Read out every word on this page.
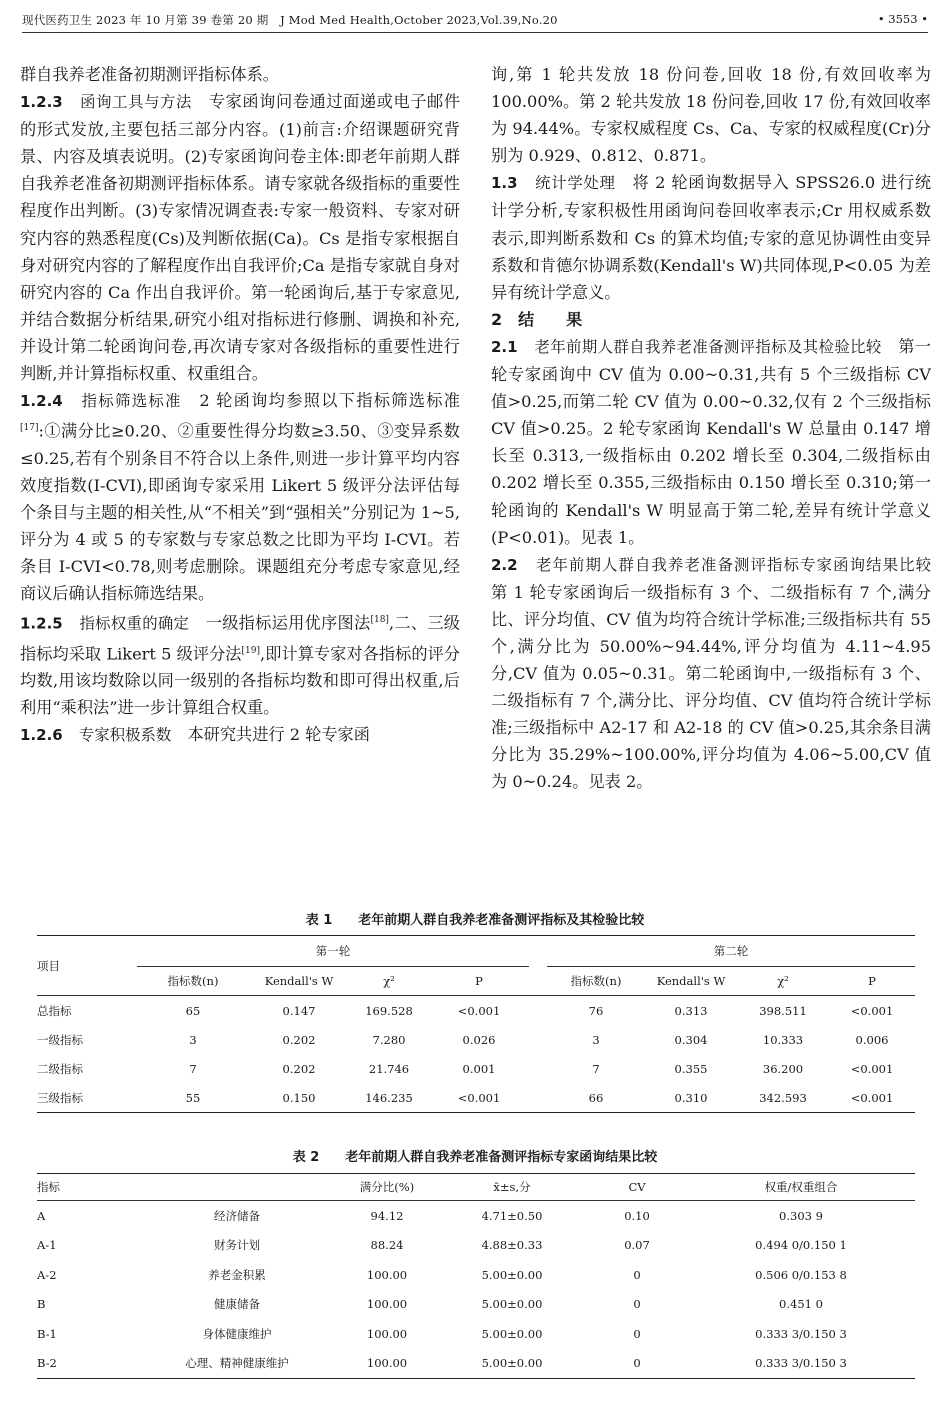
现代医药卫生 2023 年 10 月第 39 卷第 20 期　J Mod Med Health,October 2023,Vol.39,No.20	• 3553 •

群自我养老准备初期测评指标体系。

1.2.3　 函询工具与方法　 专家函询问卷通过面递或电子邮件的形式发放,主要包括三部分内容。(1)前言:介绍课题研究背景、内容及填表说明。(2)专家函询问卷主体:即老年前期人群自我养老准备初期测评指标体系。请专家就各级指标的重要性程度作出判断。(3)专家情况调查表:专家一般资料、专家对研究内容的熟悉程度(Cs)及判断依据(Ca)。Cs 是指专家根据自身对研究内容的了解程度作出自我评价;Ca 是指专家就自身对研究内容的 Ca 作出自我评价。第一轮函询后,基于专家意见,并结合数据分析结果,研究小组对指标进行修删、调换和补充,并设计第二轮函询问卷,再次请专家对各级指标的重要性进行判断,并计算指标权重、权重组合。

1.2.4　 指标筛选标准　 2 轮函询均参照以下指标筛选标准[17]:①满分比≥0.20、②重要性得分均数≥3.50、③变异系数≤0.25,若有个别条目不符合以上条件,则进一步计算平均内容效度指数(I-CVI),即函询专家采用 Likert 5 级评分法评估每个条目与主题的相关性,从“不相关”到“强相关”分别记为 1~5,评分为 4 或 5 的专家数与专家总数之比即为平均 I-CVI。若条目 I-CVI<0.78,则考虑删除。课题组充分考虑专家意见,经商议后确认指标筛选结果。

1.2.5　 指标权重的确定　 一级指标运用优序图法[18],二、三级指标均采取 Likert 5 级评分法[19],即计算专家对各指标的评分均数,用该均数除以同一级别的各指标均数和即可得出权重,后利用“乘积法”进一步计算组合权重。

1.2.6　 专家积极系数　 本研究共进行 2 轮专家函

询,第 1 轮共发放 18 份问卷,回收 18 份,有效回收率为 100.00%。第 2 轮共发放 18 份问卷,回收 17 份,有效回收率为 94.44%。专家权威程度 Cs、Ca、专家的权威程度(Cr)分别为 0.929、0.812、0.871。

1.3　 统计学处理　 将 2 轮函询数据导入 SPSS26.0 进行统计学分析,专家积极性用函询问卷回收率表示;Cr 用权威系数表示,即判断系数和 Cs 的算术均值;专家的意见协调性由变异系数和肯德尔协调系数(Kendall's W)共同体现,P<0.05 为差异有统计学意义。

2　结　　果

2.1　 老年前期人群自我养老准备测评指标及其检验比较　 第一轮专家函询中 CV 值为 0.00~0.31,共有 5 个三级指标 CV 值>0.25,而第二轮 CV 值为 0.00~0.32,仅有 2 个三级指标 CV 值>0.25。2 轮专家函询 Kendall's W 总量由 0.147 增长至 0.313,一级指标由 0.202 增长至 0.304,二级指标由 0.202 增长至 0.355,三级指标由 0.150 增长至 0.310;第一轮函询的 Kendall's W 明显高于第二轮,差异有统计学意义(P<0.01)。见表 1。

2.2　 老年前期人群自我养老准备测评指标专家函询结果比较　第 1 轮专家函询后一级指标有 3 个、二级指标有 7 个,满分比、评分均值、CV 值为均符合统计学标准;三级指标共有 55 个,满分比为 50.00%~94.44%,评分均值为 4.11~4.95 分,CV 值为 0.05~0.31。第二轮函询中,一级指标有 3 个、二级指标有 7 个,满分比、评分均值、CV 值均符合统计学标准;三级指标中 A2-17 和 A2-18 的 CV 值>0.25,其余条目满分比为 35.29%~100.00%,评分均值为 4.06~5.00,CV 值为 0~0.24。见表 2。

表 1　　 老年前期人群自我养老准备测评指标及其检验比较
项目	第一轮					第二轮			
	指标数(n)	Kendall's W	χ²	P		指标数(n)	Kendall's W	χ²	P
总指标	65	0.147	169.528	<0.001		76	0.313	398.511	<0.001
一级指标	3	0.202	7.280	0.026		3	0.304	10.333	0.006
二级指标	7	0.202	21.746	0.001		7	0.355	36.200	<0.001
三级指标	55	0.150	146.235	<0.001		66	0.310	342.593	<0.001
表 2　　 老年前期人群自我养老准备测评指标专家函询结果比较
指标		满分比(%)	x̄±s,分	CV	权重/权重组合
A	经济储备	94.12	4.71±0.50	0.10	0.303 9
A-1	财务计划	88.24	4.88±0.33	0.07	0.494 0/0.150 1
A-2	养老金积累	100.00	5.00±0.00	0	0.506 0/0.153 8
B	健康储备	100.00	5.00±0.00	0	0.451 0
B-1	身体健康维护	100.00	5.00±0.00	0	0.333 3/0.150 3
B-2	心理、精神健康维护	100.00	5.00±0.00	0	0.333 3/0.150 3
